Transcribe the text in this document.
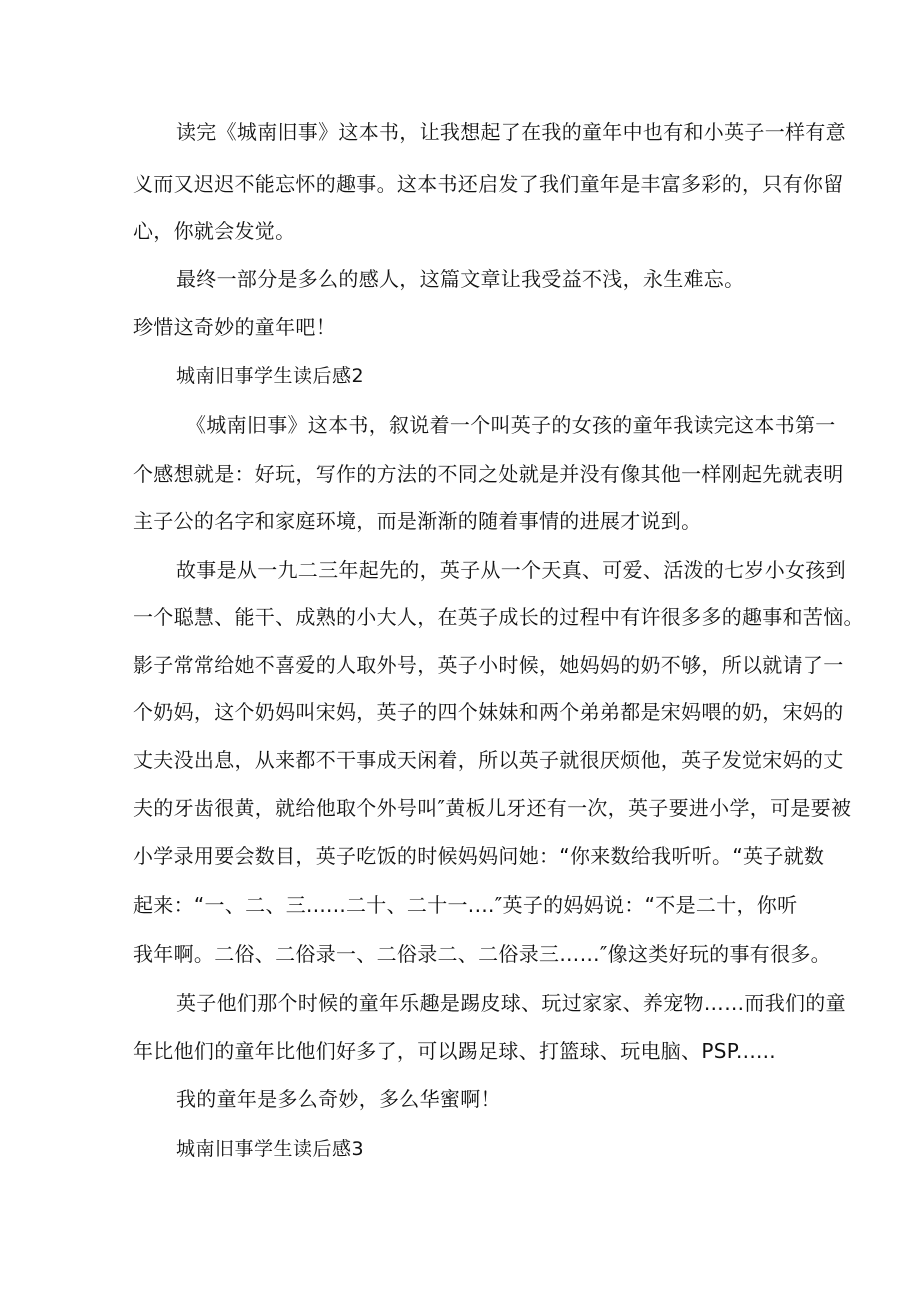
读完《城南旧事》这本书，让我想起了在我的童年中也有和小英子一样有意

义而又迟迟不能忘怀的趣事。这本书还启发了我们童年是丰富多彩的，只有你留

心，你就会发觉。

最终一部分是多么的感人，这篇文章让我受益不浅，永生难忘。

珍惜这奇妙的童年吧！

城南旧事学生读后感2

《城南旧事》这本书，叙说着一个叫英子的女孩的童年我读完这本书第一

个感想就是：好玩，写作的方法的不同之处就是并没有像其他一样刚起先就表明

主子公的名字和家庭环境，而是渐渐的随着事情的进展才说到。

故事是从一九二三年起先的，英子从一个天真、可爱、活泼的七岁小女孩到

一个聪慧、能干、成熟的小大人，在英子成长的过程中有许很多多的趣事和苦恼。

影子常常给她不喜爱的人取外号，英子小时候，她妈妈的奶不够，所以就请了一

个奶妈，这个奶妈叫宋妈，英子的四个妹妹和两个弟弟都是宋妈喂的奶，宋妈的

丈夫没出息，从来都不干事成天闲着，所以英子就很厌烦他，英子发觉宋妈的丈

夫的牙齿很黄，就给他取个外号叫″黄板儿牙还有一次，英子要进小学，可是要被

小学录用要会数目，英子吃饭的时候妈妈问她：“你来数给我听听。“英子就数

起来：“一、二、三......二十、二十一.…″英子的妈妈说：“不是二十，你听

我年啊。二俗、二俗录一、二俗录二、二俗录三……″像这类好玩的事有很多。

英子他们那个时候的童年乐趣是踢皮球、玩过家家、养宠物……而我们的童

年比他们的童年比他们好多了，可以踢足球、打篮球、玩电脑、PSP......

我的童年是多么奇妙，多么华蜜啊！

城南旧事学生读后感3
